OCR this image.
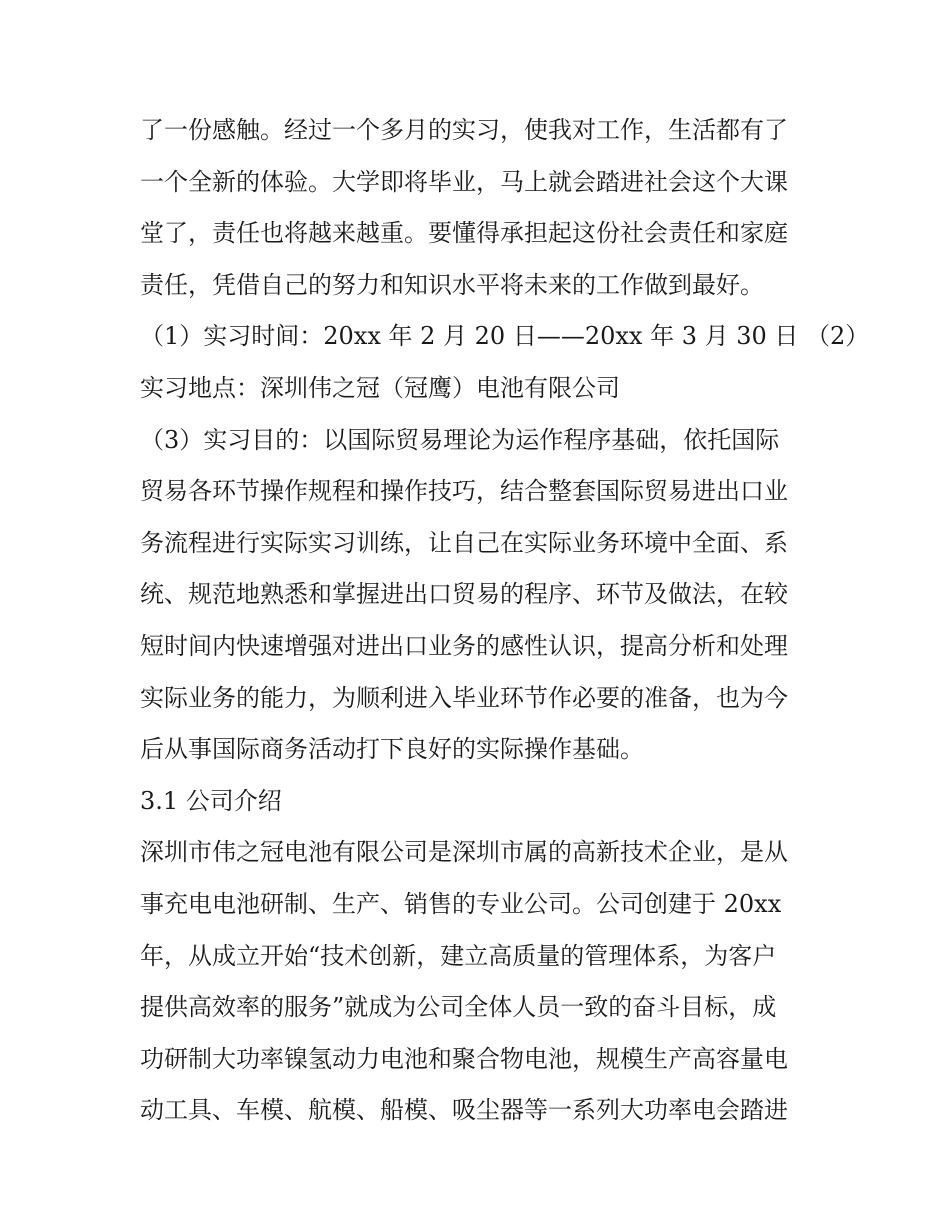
了一份感触。经过一个多月的实习，使我对工作，生活都有了
一个全新的体验。大学即将毕业，马上就会踏进社会这个大课
堂了，责任也将越来越重。要懂得承担起这份社会责任和家庭
责任，凭借自己的努力和知识水平将未来的工作做到最好。
（1）实习时间：20xx 年 2 月 20 日——20xx 年 3 月 30 日 （2）
实习地点：深圳伟之冠（冠鹰）电池有限公司
（3）实习目的：以国际贸易理论为运作程序基础，依托国际
贸易各环节操作规程和操作技巧，结合整套国际贸易进出口业
务流程进行实际实习训练，让自己在实际业务环境中全面、系
统、规范地熟悉和掌握进出口贸易的程序、环节及做法，在较
短时间内快速增强对进出口业务的感性认识，提高分析和处理
实际业务的能力，为顺利进入毕业环节作必要的准备，也为今
后从事国际商务活动打下良好的实际操作基础。
3.1 公司介绍
深圳市伟之冠电池有限公司是深圳市属的高新技术企业，是从
事充电电池研制、生产、销售的专业公司。公司创建于 20xx
年，从成立开始“技术创新，建立高质量的管理体系，为客户
提供高效率的服务”就成为公司全体人员一致的奋斗目标，成
功研制大功率镍氢动力电池和聚合物电池，规模生产高容量电
动工具、车模、航模、船模、吸尘器等一系列大功率电会踏进
